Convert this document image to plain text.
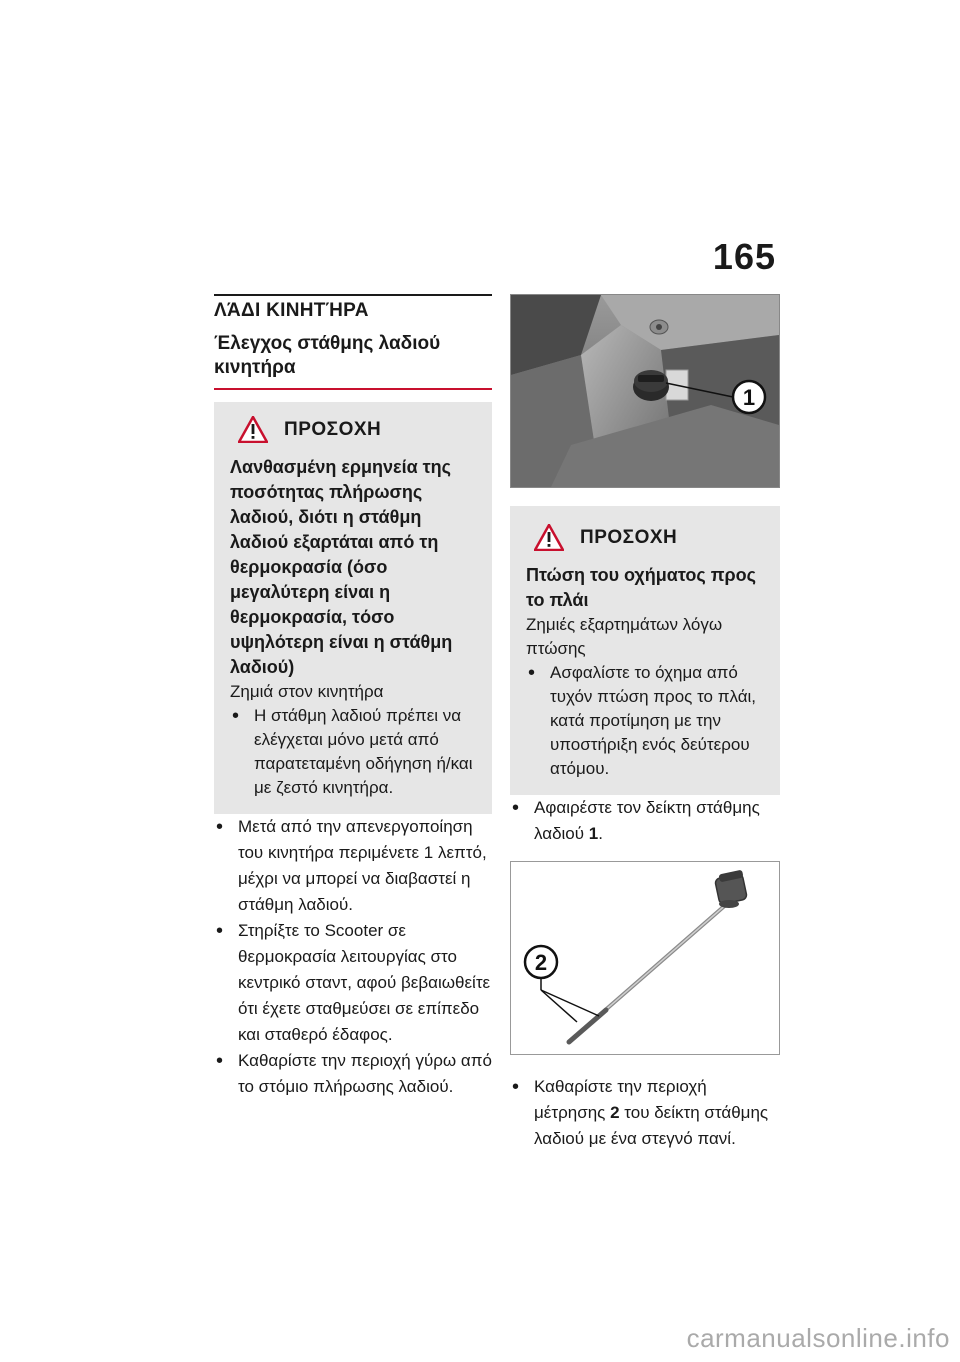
165
ΛΆΔΙ ΚΙΝΗΤΉΡΑ
Έλεγχος στάθμης λαδιού κινητήρα
ΠΡΟΣΟΧΗ
Λανθασμένη ερμηνεία της ποσότητας πλήρωσης λαδιού, διότι η στάθμη λαδιού εξαρτάται από τη θερμοκρασία (όσο μεγαλύτερη είναι η θερμοκρασία, τόσο υψηλότερη είναι η στάθμη λαδιού)
Ζημιά στον κινητήρα
• Η στάθμη λαδιού πρέπει να ελέγχεται μόνο μετά από παρατεταμένη οδήγηση ή/και με ζεστό κινητήρα.
• Μετά από την απενεργοποίηση του κινητήρα περιμένετε 1 λεπτό, μέχρι να μπορεί να διαβαστεί η στάθμη λαδιού.
• Στηρίξτε το Scooter σε θερμοκρασία λειτουργίας στο κεντρικό σταντ, αφού βεβαιωθείτε ότι έχετε σταθμεύσει σε επίπεδο και σταθερό έδαφος.
• Καθαρίστε την περιοχή γύρω από το στόμιο πλήρωσης λαδιού.
1
ΠΡΟΣΟΧΗ
Πτώση του οχήματος προς το πλάι
Ζημιές εξαρτημάτων λόγω πτώσης
• Ασφαλίστε το όχημα από τυχόν πτώση προς το πλάι, κατά προτίμηση με την υποστήριξη ενός δεύτερου ατόμου.
• Αφαιρέστε τον δείκτη στάθμης λαδιού 1.
2
• Καθαρίστε την περιοχή μέτρησης 2 του δείκτη στάθμης λαδιού με ένα στεγνό πανί.
carmanualsonline.info
